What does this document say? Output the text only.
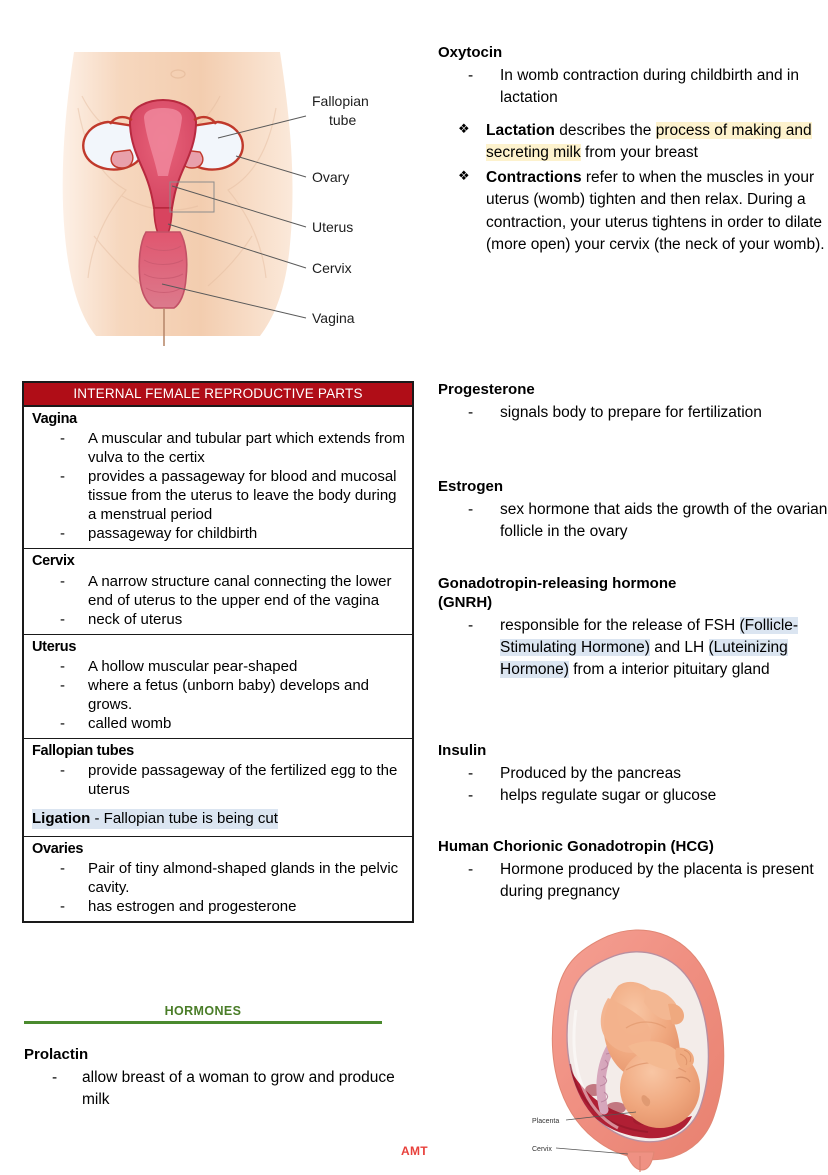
Fallopian
tube
Ovary
Uterus
Cervix
Vagina
INTERNAL FEMALE REPRODUCTIVE PARTS
Vagina
- A muscular and tubular part which extends from vulva to the certix
- provides a passageway for blood and mucosal tissue from the uterus to leave the body during a menstrual period
- passageway for childbirth
Cervix
- A narrow structure canal connecting the lower end of uterus to the upper end of the vagina
- neck of uterus
Uterus
- A hollow muscular pear-shaped
- where a fetus (unborn baby) develops and grows.
- called womb
Fallopian tubes
- provide passageway of the fertilized egg to the uterus
Ligation - Fallopian tube is being cut
Ovaries
- Pair of tiny almond-shaped glands in the pelvic cavity.
- has estrogen and progesterone
HORMONES
Prolactin
- allow breast of a woman to grow and produce milk
Oxytocin
- In womb contraction during childbirth and in lactation
❖ Lactation describes the process of making and secreting milk from your breast
❖ Contractions refer to when the muscles in your uterus (womb) tighten and then relax. During a contraction, your uterus tightens in order to dilate (more open) your cervix (the neck of your womb).
Progesterone
- signals body to prepare for fertilization
Estrogen
- sex hormone that aids the growth of the ovarian follicle in the ovary
Gonadotropin-releasing hormone
(GNRH)
- responsible for the release of FSH (Follicle-Stimulating Hormone) and LH (Luteinizing Hormone) from a interior pituitary gland
Insulin
- Produced by the pancreas
- helps regulate sugar or glucose
Human Chorionic Gonadotropin (HCG)
- Hormone produced by the placenta is present during pregnancy
Placenta
Cervix
AMT
